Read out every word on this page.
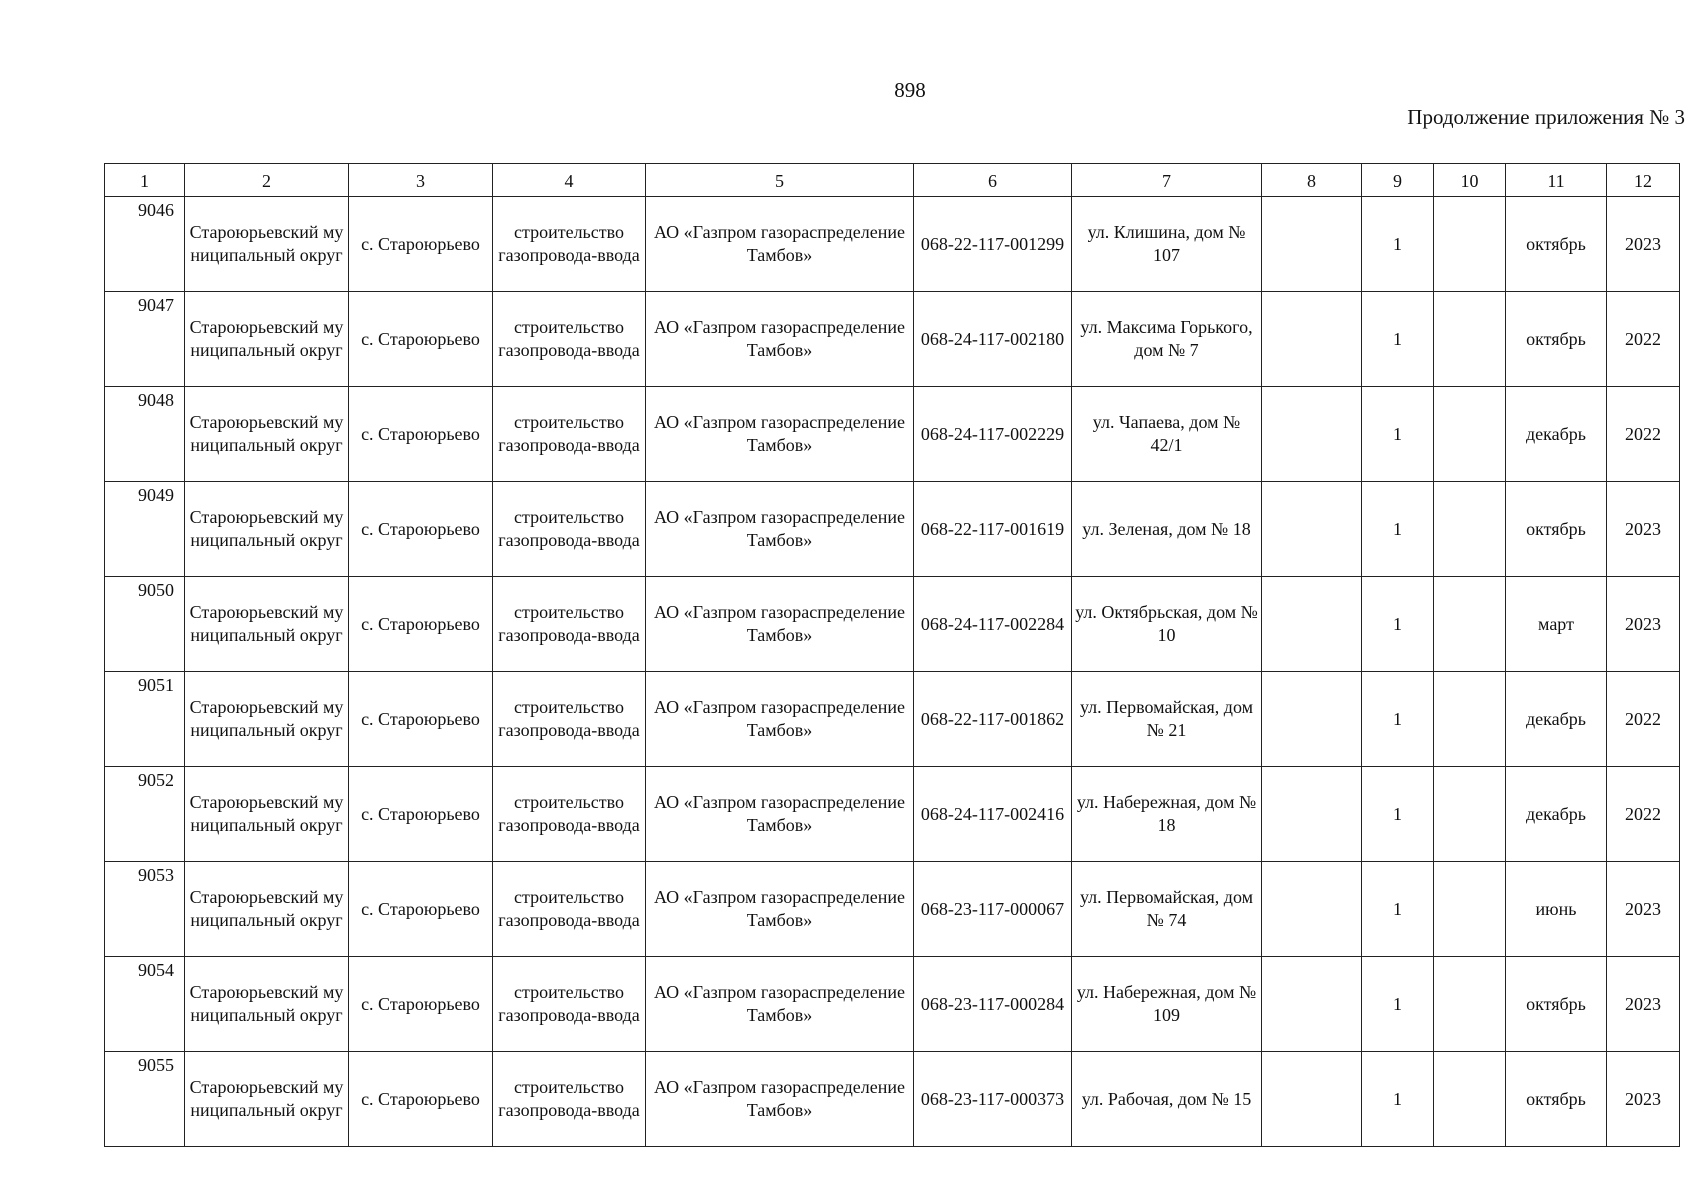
898
Продолжение приложения № 3
1	2	3	4	5	6	7	8	9	10	11	12
9046	Староюрьевский муниципальный округ	с. Староюрьево	строительство газопровода-ввода	АО «Газпром газораспределение Тамбов»	068-22-117-001299	ул. Клишина, дом № 107		1		октябрь	2023
9047	Староюрьевский муниципальный округ	с. Староюрьево	строительство газопровода-ввода	АО «Газпром газораспределение Тамбов»	068-24-117-002180	ул. Максима Горького, дом № 7		1		октябрь	2022
9048	Староюрьевский муниципальный округ	с. Староюрьево	строительство газопровода-ввода	АО «Газпром газораспределение Тамбов»	068-24-117-002229	ул. Чапаева, дом № 42/1		1		декабрь	2022
9049	Староюрьевский муниципальный округ	с. Староюрьево	строительство газопровода-ввода	АО «Газпром газораспределение Тамбов»	068-22-117-001619	ул. Зеленая, дом № 18		1		октябрь	2023
9050	Староюрьевский муниципальный округ	с. Староюрьево	строительство газопровода-ввода	АО «Газпром газораспределение Тамбов»	068-24-117-002284	ул. Октябрьская, дом № 10		1		март	2023
9051	Староюрьевский муниципальный округ	с. Староюрьево	строительство газопровода-ввода	АО «Газпром газораспределение Тамбов»	068-22-117-001862	ул. Первомайская, дом № 21		1		декабрь	2022
9052	Староюрьевский муниципальный округ	с. Староюрьево	строительство газопровода-ввода	АО «Газпром газораспределение Тамбов»	068-24-117-002416	ул. Набережная, дом № 18		1		декабрь	2022
9053	Староюрьевский муниципальный округ	с. Староюрьево	строительство газопровода-ввода	АО «Газпром газораспределение Тамбов»	068-23-117-000067	ул. Первомайская, дом № 74		1		июнь	2023
9054	Староюрьевский муниципальный округ	с. Староюрьево	строительство газопровода-ввода	АО «Газпром газораспределение Тамбов»	068-23-117-000284	ул. Набережная, дом № 109		1		октябрь	2023
9055	Староюрьевский муниципальный округ	с. Староюрьево	строительство газопровода-ввода	АО «Газпром газораспределение Тамбов»	068-23-117-000373	ул. Рабочая, дом № 15		1		октябрь	2023
